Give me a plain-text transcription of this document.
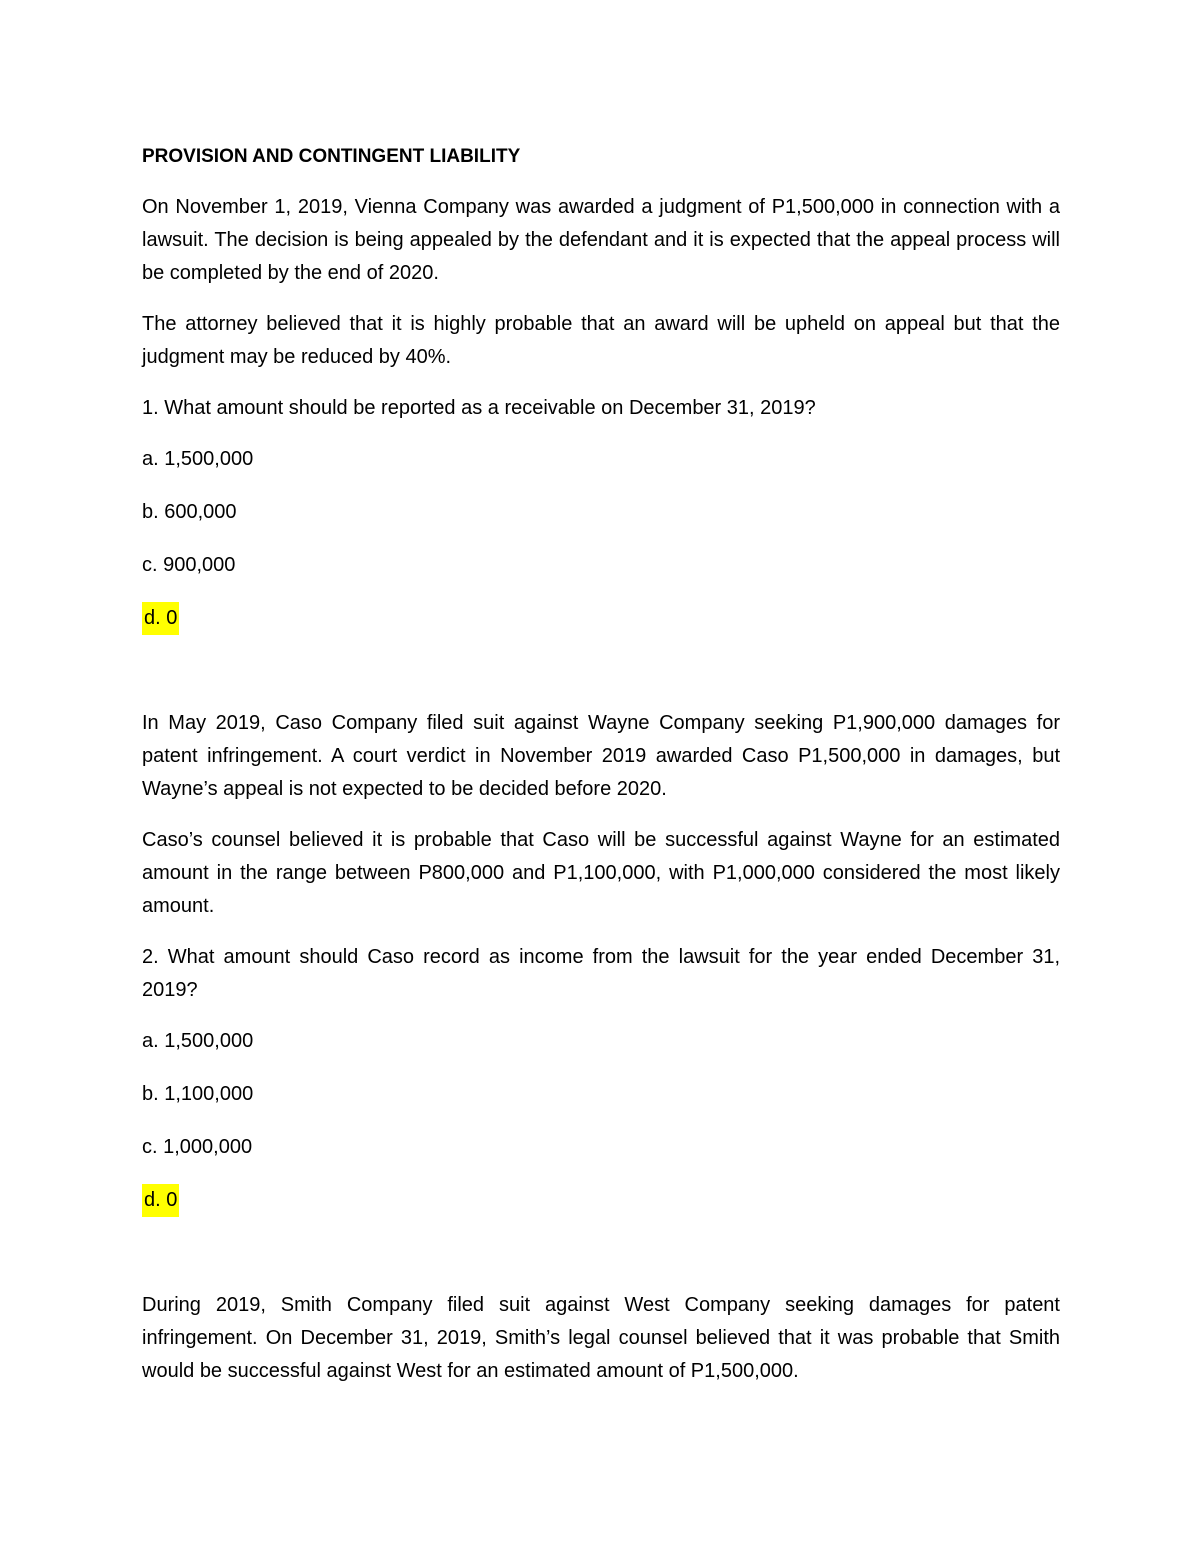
PROVISION AND CONTINGENT LIABILITY

On November 1, 2019, Vienna Company was awarded a judgment of P1,500,000 in connection with a lawsuit. The decision is being appealed by the defendant and it is expected that the appeal process will be completed by the end of 2020.

The attorney believed that it is highly probable that an award will be upheld on appeal but that the judgment may be reduced by 40%.

1. What amount should be reported as a receivable on December 31, 2019?

a. 1,500,000
b. 600,000
c. 900,000
d. 0

In May 2019, Caso Company filed suit against Wayne Company seeking P1,900,000 damages for patent infringement. A court verdict in November 2019 awarded Caso P1,500,000 in damages, but Wayne’s appeal is not expected to be decided before 2020.

Caso’s counsel believed it is probable that Caso will be successful against Wayne for an estimated amount in the range between P800,000 and P1,100,000, with P1,000,000 considered the most likely amount.

2. What amount should Caso record as income from the lawsuit for the year ended December 31, 2019?

a. 1,500,000
b. 1,100,000
c. 1,000,000
d. 0

During 2019, Smith Company filed suit against West Company seeking damages for patent infringement. On December 31, 2019, Smith’s legal counsel believed that it was probable that Smith would be successful against West for an estimated amount of P1,500,000.
